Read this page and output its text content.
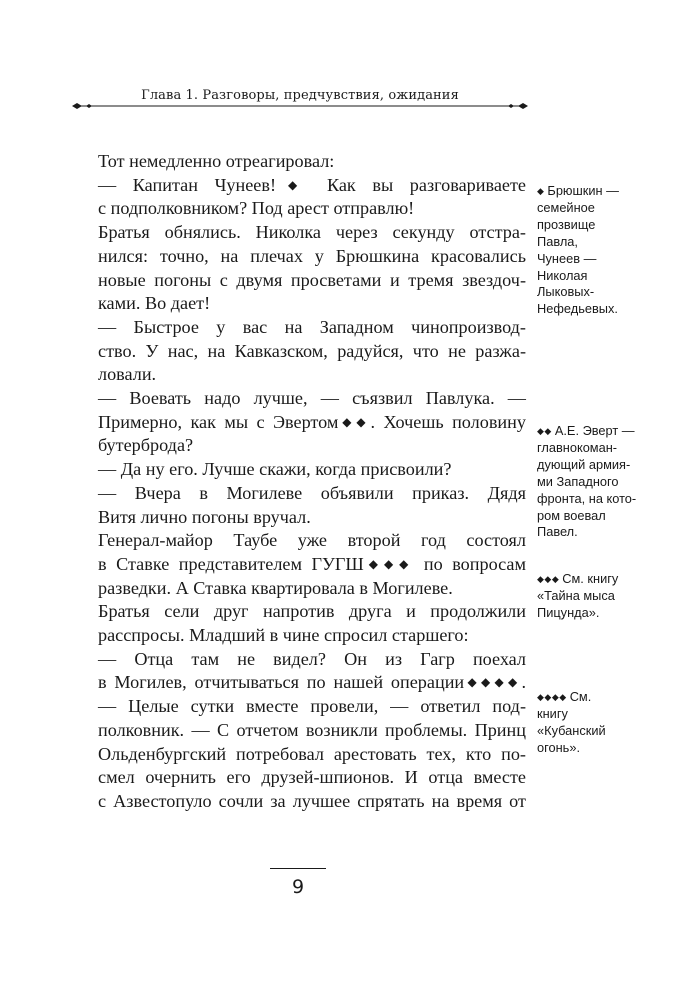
Глава 1. Разговоры, предчувствия, ожидания
Тот немедленно отреагировал:
— Капитан Чунеев!◆ Как вы разговариваете
с подполковником? Под арест отправлю!
Братья обнялись. Николка через секунду отстра-
нился: точно, на плечах у Брюшкина красовались
новые погоны с двумя просветами и тремя звездоч-
ками. Во дает!
— Быстрое у вас на Западном чинопроизвод-
ство. У нас, на Кавказском, радуйся, что не разжа-
ловали.
— Воевать надо лучше, — съязвил Павлука. —
Примерно, как мы с Эвертом◆◆. Хочешь половину
бутерброда?
— Да ну его. Лучше скажи, когда присвоили?
— Вчера в Могилеве объявили приказ. Дядя
Витя лично погоны вручал.
Генерал-майор Таубе уже второй год состоял
в Ставке представителем ГУГШ◆◆◆ по вопросам
разведки. А Ставка квартировала в Могилеве.
Братья сели друг напротив друга и продолжили
расспросы. Младший в чине спросил старшего:
— Отца там не видел? Он из Гагр поехал
в Могилев, отчитываться по нашей операции◆◆◆◆.
— Целые сутки вместе провели, — ответил под-
полковник. — С отчетом возникли проблемы. Принц
Ольденбургский потребовал арестовать тех, кто по-
смел очернить его друзей-шпионов. И отца вместе
с Азвестопуло сочли за лучшее спрятать на время от
◆ Брюшкин —
семейное
прозвище
Павла,
Чунеев —
Николая
Лыковых-
Нефедьевых.
◆◆ А.Е. Эверт —
главнокоман-
дующий армия-
ми Западного
фронта, на кото-
ром воевал
Павел.
◆◆◆ См. книгу
«Тайна мыса
Пицунда».
◆◆◆◆ См.
книгу
«Кубанский
огонь».
9
